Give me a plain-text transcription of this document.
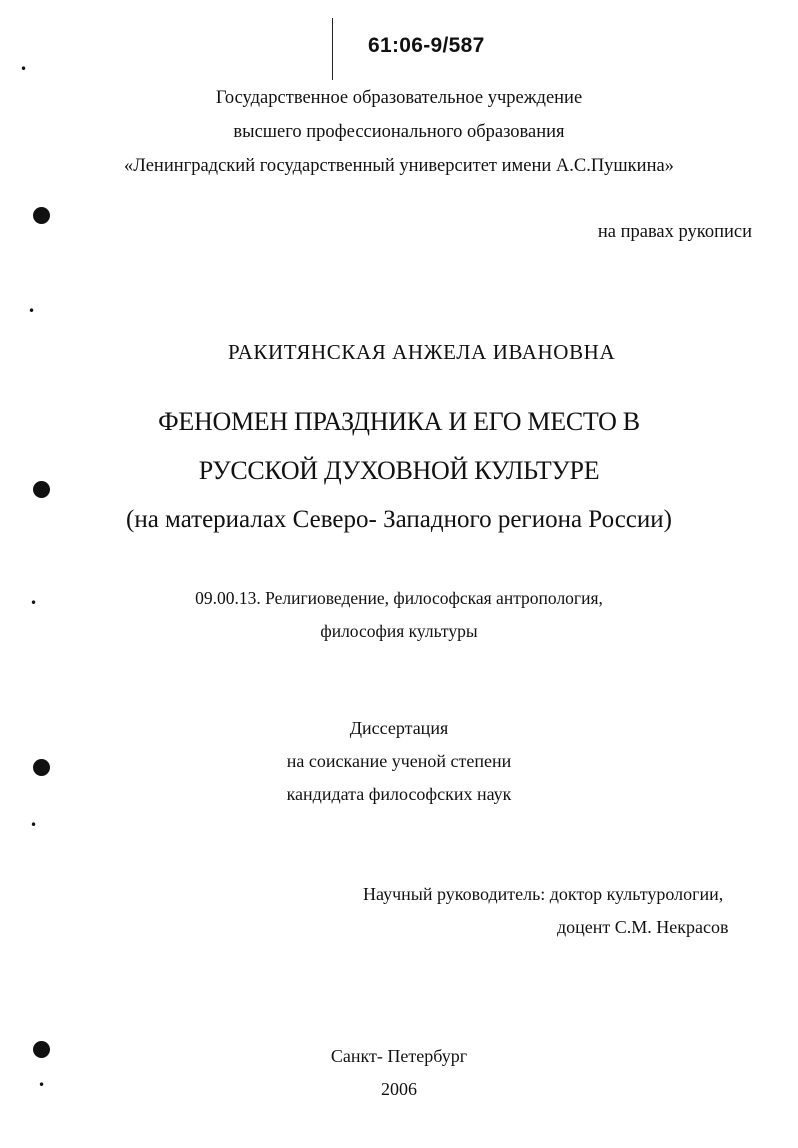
•
•
•
•
•
61:06-9/587
Государственное образовательное учреждение
высшего профессионального образования
«Ленинградский государственный университет имени А.С.Пушкина»
на правах рукописи
РАКИТЯНСКАЯ АНЖЕЛА ИВАНОВНА
ФЕНОМЕН ПРАЗДНИКА И ЕГО МЕСТО В
РУССКОЙ ДУХОВНОЙ КУЛЬТУРЕ
(на материалах Северо- Западного региона России)
09.00.13. Религиоведение, философская антропология,
философия культуры
Диссертация
на соискание ученой степени
кандидата философских наук
Научный руководитель: доктор культурологии,
доцент С.М. Некрасов
Санкт- Петербург
2006
